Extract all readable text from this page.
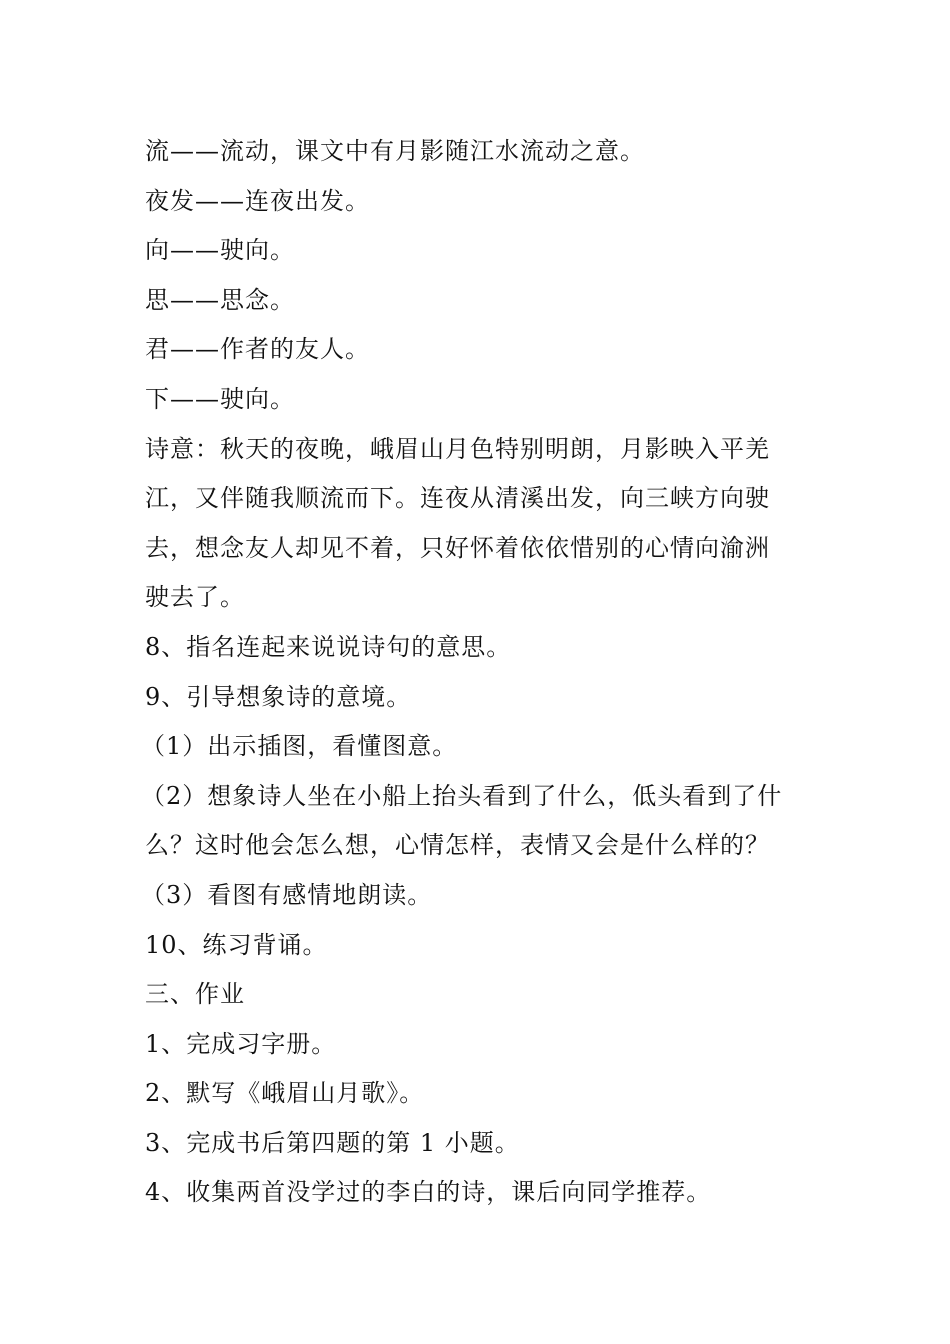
流——流动，课文中有月影随江水流动之意。
夜发——连夜出发。
向——驶向。
思——思念。
君——作者的友人。
下——驶向。
诗意：秋天的夜晚，峨眉山月色特别明朗，月影映入平羌
江，又伴随我顺流而下。连夜从清溪出发，向三峡方向驶
去，想念友人却见不着，只好怀着依依惜别的心情向渝洲
驶去了。
8、指名连起来说说诗句的意思。
9、引导想象诗的意境。
（1）出示插图，看懂图意。
（2）想象诗人坐在小船上抬头看到了什么，低头看到了什
么？这时他会怎么想，心情怎样，表情又会是什么样的？
（3）看图有感情地朗读。
10、练习背诵。
三、作业
1、完成习字册。
2、默写《峨眉山月歌》。
3、完成书后第四题的第 1 小题。
4、收集两首没学过的李白的诗，课后向同学推荐。
